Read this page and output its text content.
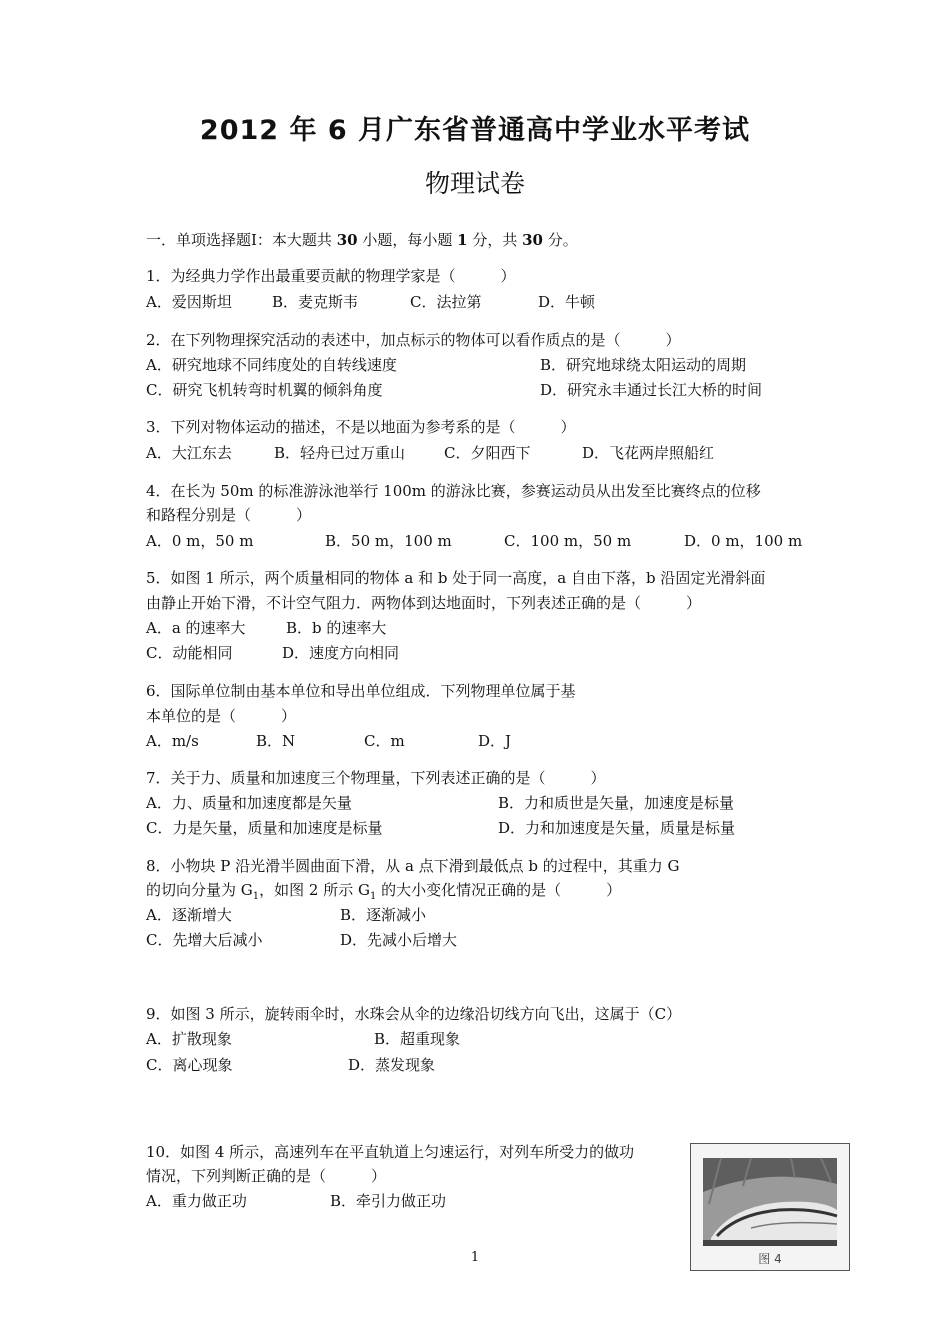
2012 年 6 月广东省普通高中学业水平考试
物理试卷
一．单项选择题Ⅰ：本大题共 30 小题，每小题 1 分，共 30 分。
1．为经典力学作出最重要贡献的物理学家是（　　　）
A．爱因斯坦	B．麦克斯韦	C．法拉第	D．牛顿
2．在下列物理探究活动的表述中，加点标示的物体可以看作质点的是（　　　）
A．研究地球不同纬度处的自转线速度	B．研究地球绕太阳运动的周期
C．研究飞机转弯时机翼的倾斜角度	D．研究永丰通过长江大桥的时间
3．下列对物体运动的描述，不是以地面为参考系的是（　　　）
A．大江东去	B．轻舟已过万重山	C．夕阳西下	D．飞花两岸照船红
4．在长为 50m 的标准游泳池举行 100m 的游泳比赛，参赛运动员从出发至比赛终点的位移
和路程分别是（　　　）
A．0 m，50 m	B．50 m，100 m	C．100 m，50 m	D．0 m，100 m
5．如图 1 所示，两个质量相同的物体 a 和 b 处于同一高度，a 自由下落，b 沿固定光滑斜面
由静止开始下滑，不计空气阻力．两物体到达地面时，下列表述正确的是（　　　）
A．a 的速率大	B．b 的速率大
C．动能相同	D．速度方向相同
6．国际单位制由基本单位和导出单位组成．下列物理单位属于基
本单位的是（　　　）
A．m/s	B．N	C．m	D．J
7．关于力、质量和加速度三个物理量，下列表述正确的是（　　　）
A．力、质量和加速度都是矢量	B．力和质世是矢量，加速度是标量
C．力是矢量，质量和加速度是标量	D．力和加速度是矢量，质量是标量
8．小物块 P 沿光滑半圆曲面下滑，从 a 点下滑到最低点 b 的过程中，其重力 G
的切向分量为 $G_1$，如图 2 所示 $G_1$ 的大小变化情况正确的是（　　　）
A．逐渐增大	B．逐渐减小
C．先增大后减小	D．先减小后增大
9．如图 3 所示，旋转雨伞时，水珠会从伞的边缘沿切线方向飞出，这属于（C）
A．扩散现象	B．超重现象
C．离心现象	D．蒸发现象
10．如图 4 所示，高速列车在平直轨道上匀速运行，对列车所受力的做功
情况，下列判断正确的是（　　　）
A．重力做正功	B．牵引力做正功
图 4
1
